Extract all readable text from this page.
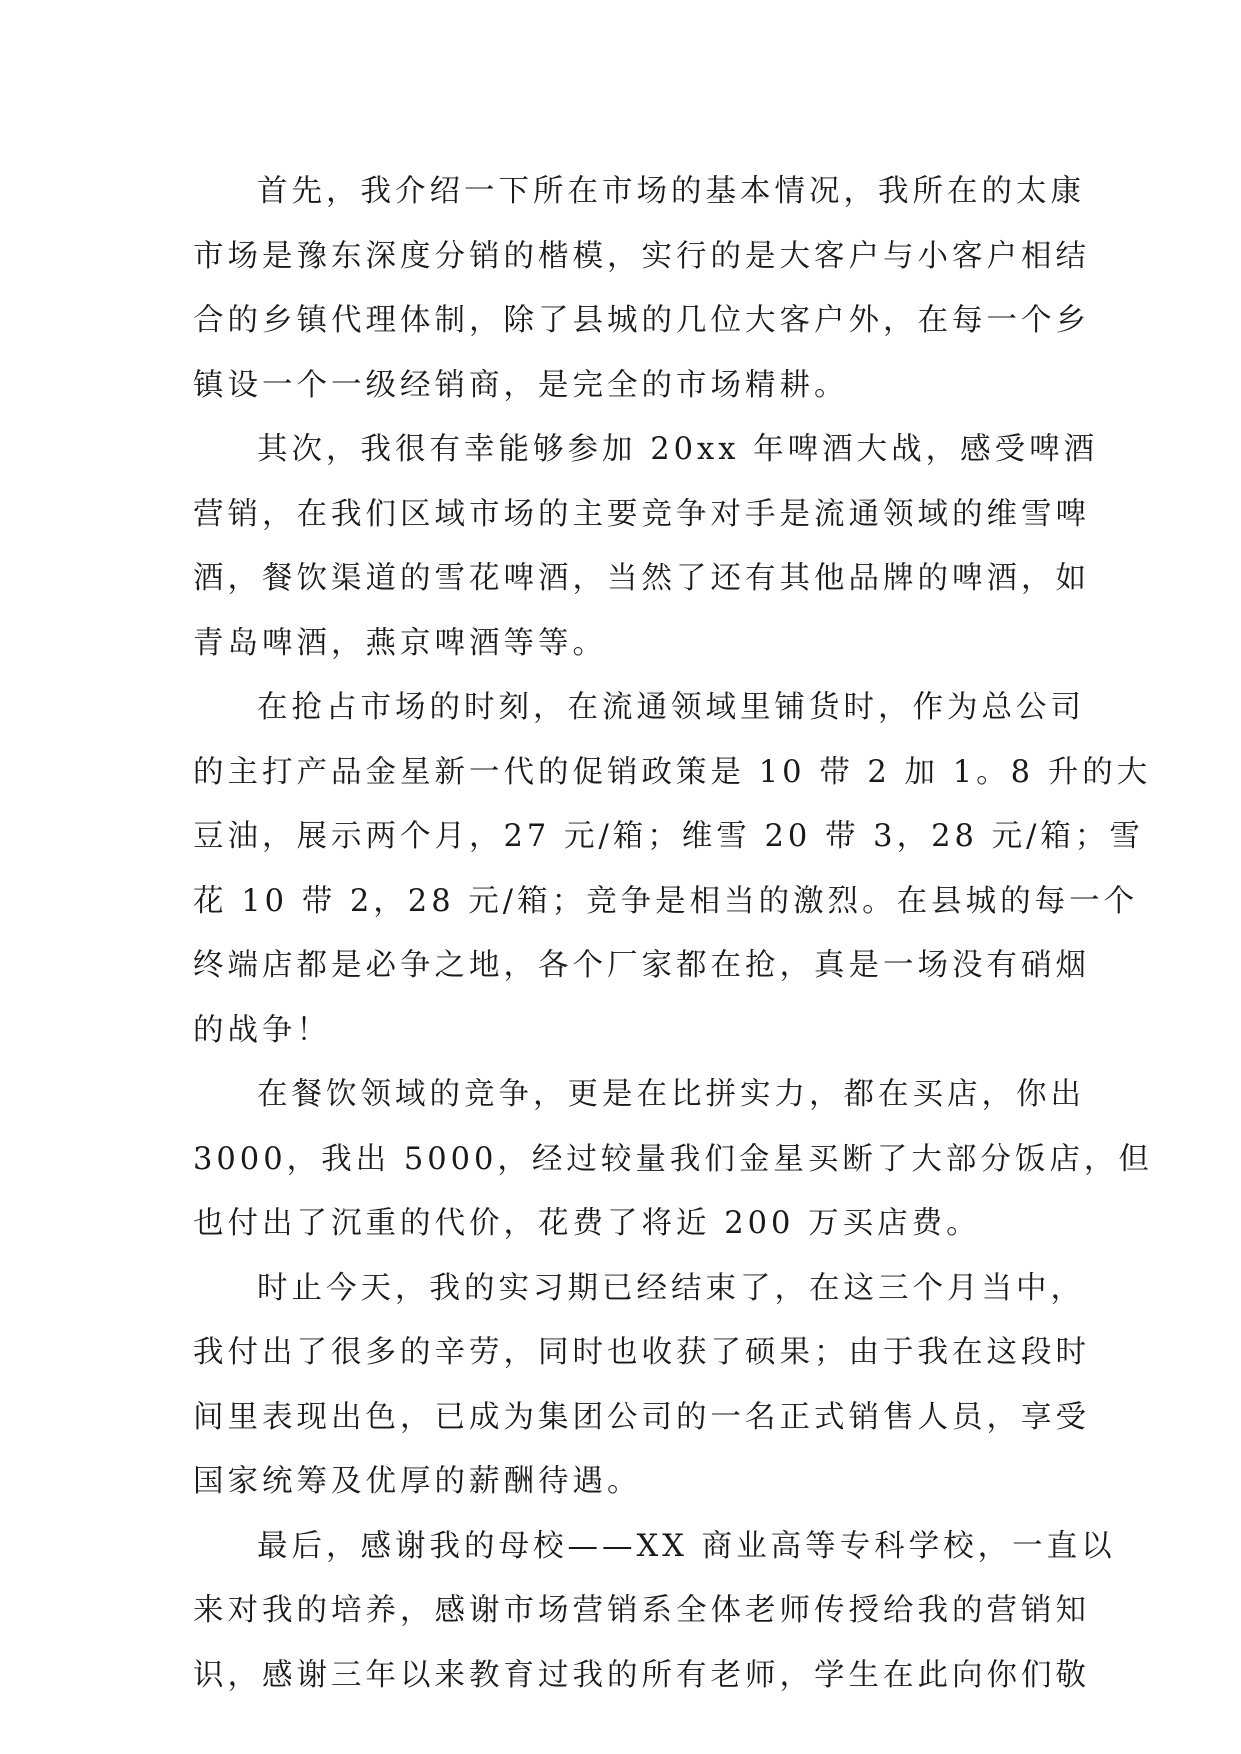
首先，我介绍一下所在市场的基本情况，我所在的太康
市场是豫东深度分销的楷模，实行的是大客户与小客户相结
合的乡镇代理体制，除了县城的几位大客户外，在每一个乡
镇设一个一级经销商，是完全的市场精耕。
其次，我很有幸能够参加 20xx 年啤酒大战，感受啤酒
营销，在我们区域市场的主要竞争对手是流通领域的维雪啤
酒，餐饮渠道的雪花啤酒，当然了还有其他品牌的啤酒，如
青岛啤酒，燕京啤酒等等。
在抢占市场的时刻，在流通领域里铺货时，作为总公司
的主打产品金星新一代的促销政策是 10 带 2 加 1。8 升的大
豆油，展示两个月，27 元/箱；维雪 20 带 3，28 元/箱；雪
花 10 带 2，28 元/箱；竞争是相当的激烈。在县城的每一个
终端店都是必争之地，各个厂家都在抢，真是一场没有硝烟
的战争！
在餐饮领域的竞争，更是在比拼实力，都在买店，你出
3000，我出 5000，经过较量我们金星买断了大部分饭店，但
也付出了沉重的代价，花费了将近 200 万买店费。
时止今天，我的实习期已经结束了，在这三个月当中，
我付出了很多的辛劳，同时也收获了硕果；由于我在这段时
间里表现出色，已成为集团公司的一名正式销售人员，享受
国家统筹及优厚的薪酬待遇。
最后，感谢我的母校——XX 商业高等专科学校，一直以
来对我的培养，感谢市场营销系全体老师传授给我的营销知
识，感谢三年以来教育过我的所有老师，学生在此向你们敬
